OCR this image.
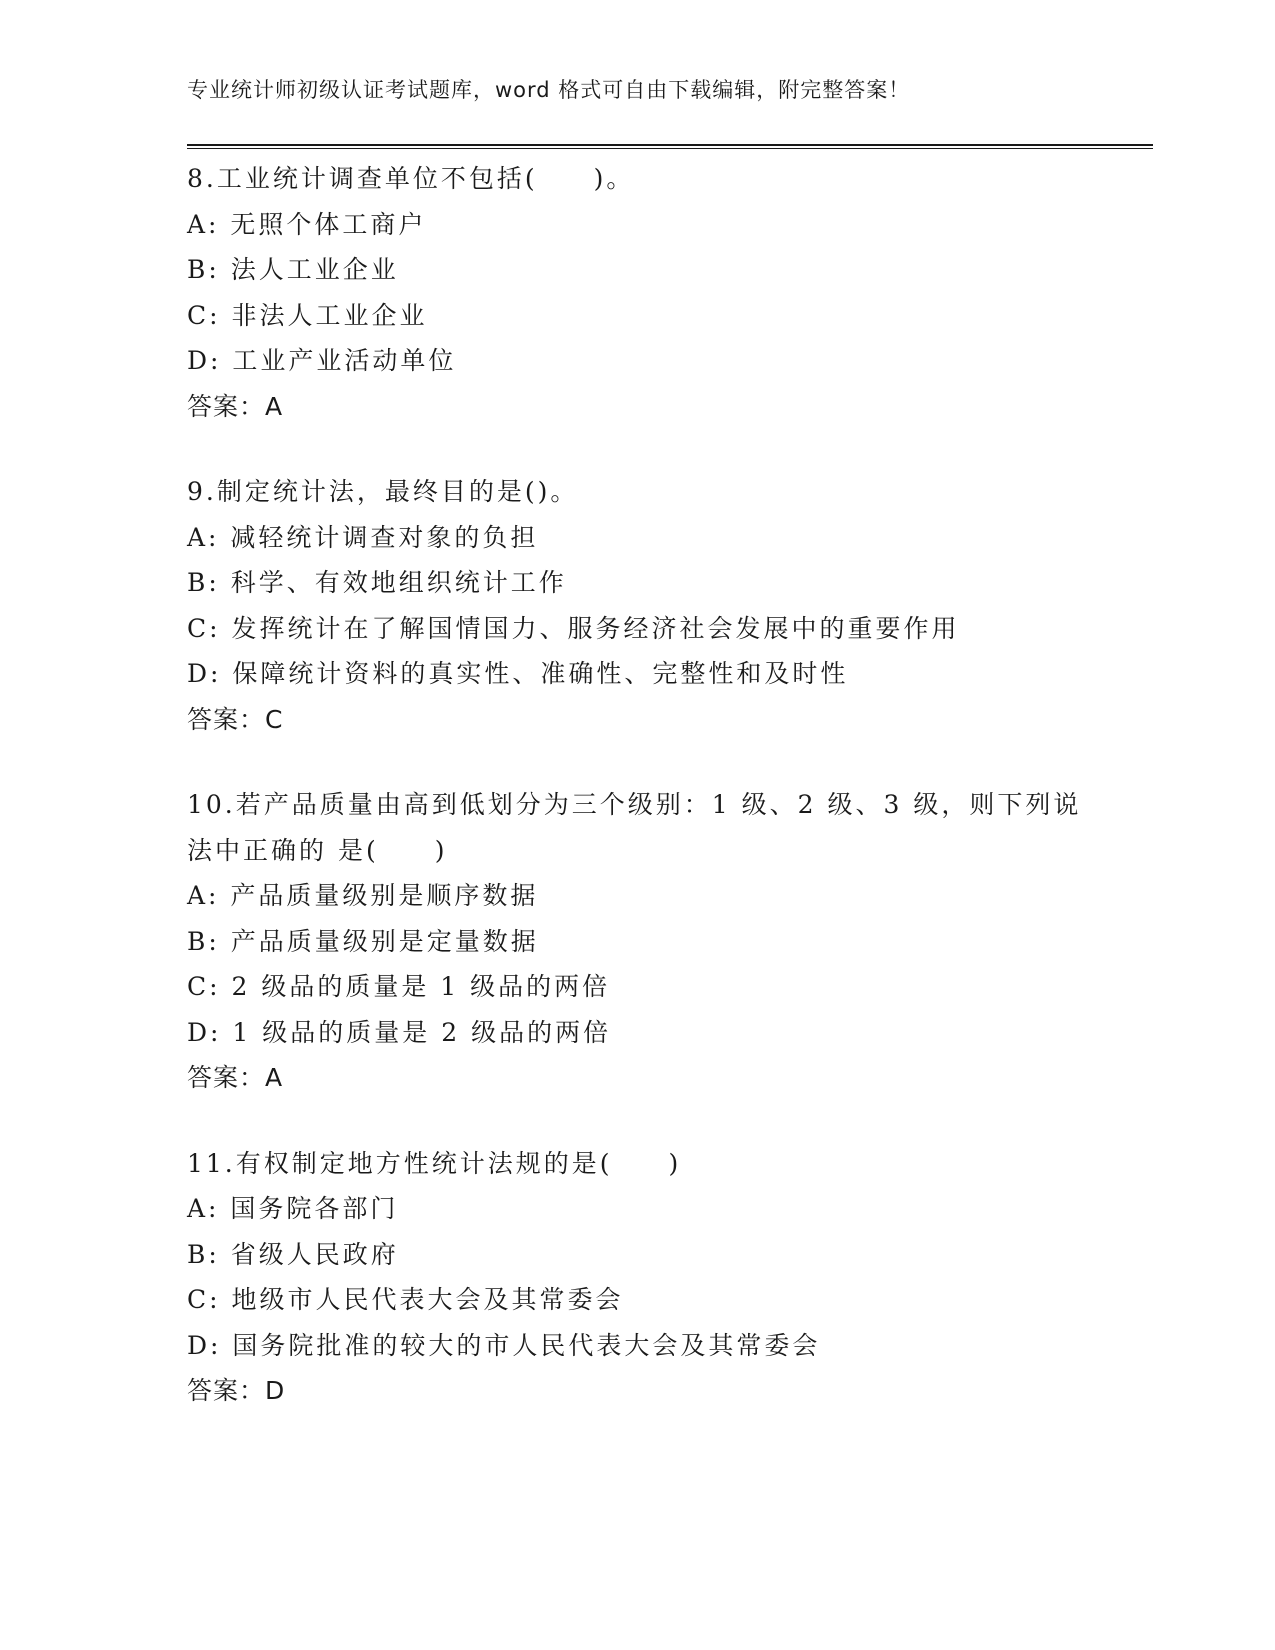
专业统计师初级认证考试题库，word 格式可自由下载编辑，附完整答案！
8.工业统计调查单位不包括(　　)。
A: 无照个体工商户
B: 法人工业企业
C: 非法人工业企业
D: 工业产业活动单位
答案：A
9.制定统计法，最终目的是()。
A: 减轻统计调查对象的负担
B: 科学、有效地组织统计工作
C: 发挥统计在了解国情国力、服务经济社会发展中的重要作用
D: 保障统计资料的真实性、准确性、完整性和及时性
答案：C
10.若产品质量由高到低划分为三个级别：1 级、2 级、3 级，则下列说法中正确的 是(　　)
A: 产品质量级别是顺序数据
B: 产品质量级别是定量数据
C: 2 级品的质量是 1 级品的两倍
D: 1 级品的质量是 2 级品的两倍
答案：A
11.有权制定地方性统计法规的是(　　)
A: 国务院各部门
B: 省级人民政府
C: 地级市人民代表大会及其常委会
D: 国务院批准的较大的市人民代表大会及其常委会
答案：D
